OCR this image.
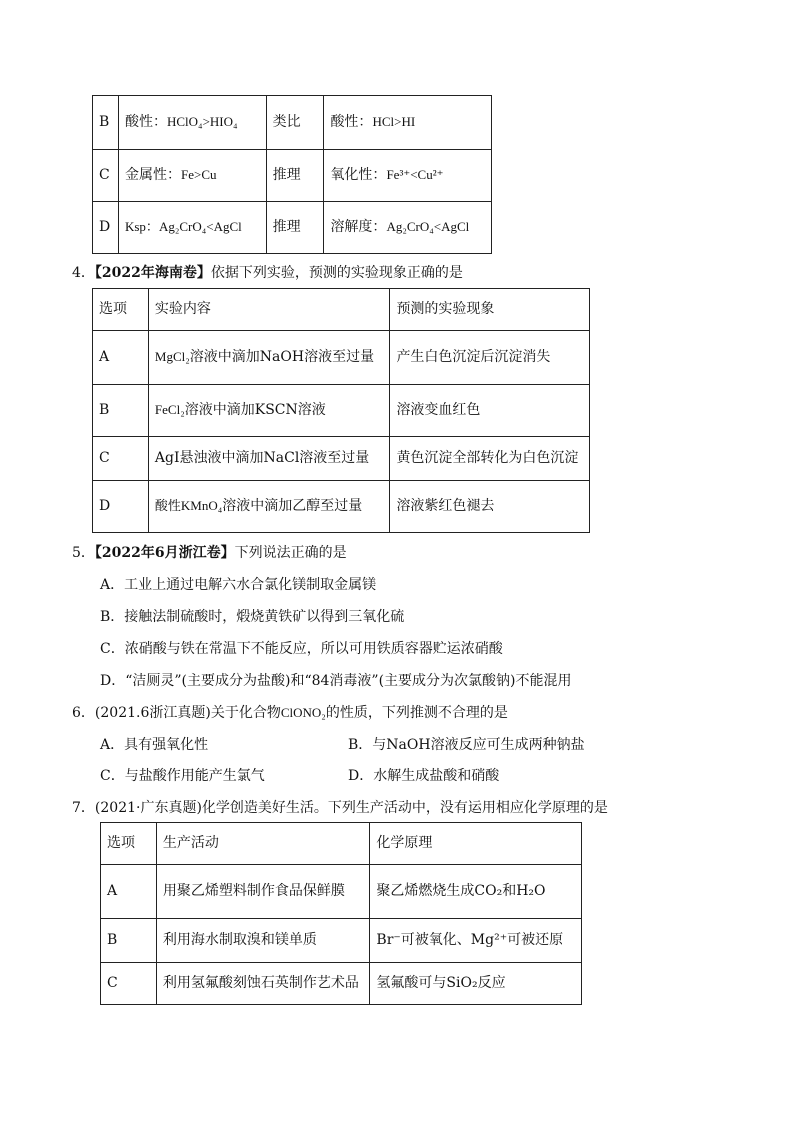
B	酸性：HClO₄>HIO₄	类比	酸性：HCl>HI
C	金属性：Fe>Cu	推理	氧化性：Fe³⁺<Cu²⁺
D	Ksp：Ag₂CrO₄<AgCl	推理	溶解度：Ag₂CrO₄<AgCl
4．【2022年海南卷】依据下列实验，预测的实验现象正确的是
选项	实验内容	预测的实验现象
A	MgCl₂溶液中滴加NaOH溶液至过量	产生白色沉淀后沉淀消失
B	FeCl₂溶液中滴加KSCN溶液	溶液变血红色
C	AgI悬浊液中滴加NaCl溶液至过量	黄色沉淀全部转化为白色沉淀
D	酸性KMnO₄溶液中滴加乙醇至过量	溶液紫红色褪去
5．【2022年6月浙江卷】下列说法正确的是
A．工业上通过电解六水合氯化镁制取金属镁
B．接触法制硫酸时，煅烧黄铁矿以得到三氧化硫
C．浓硝酸与铁在常温下不能反应，所以可用铁质容器贮运浓硝酸
D．“洁厕灵”(主要成分为盐酸)和“84消毒液”(主要成分为次氯酸钠)不能混用
6．(2021.6浙江真题)关于化合物ClONO₂的性质，下列推测不合理的是
A．具有强氧化性	B．与NaOH溶液反应可生成两种钠盐
C．与盐酸作用能产生氯气	D．水解生成盐酸和硝酸
7．(2021·广东真题)化学创造美好生活。下列生产活动中，没有运用相应化学原理的是
选项	生产活动	化学原理
A	用聚乙烯塑料制作食品保鲜膜	聚乙烯燃烧生成CO₂和H₂O
B	利用海水制取溴和镁单质	Br⁻可被氧化、Mg²⁺可被还原
C	利用氢氟酸刻蚀石英制作艺术品	氢氟酸可与SiO₂反应
